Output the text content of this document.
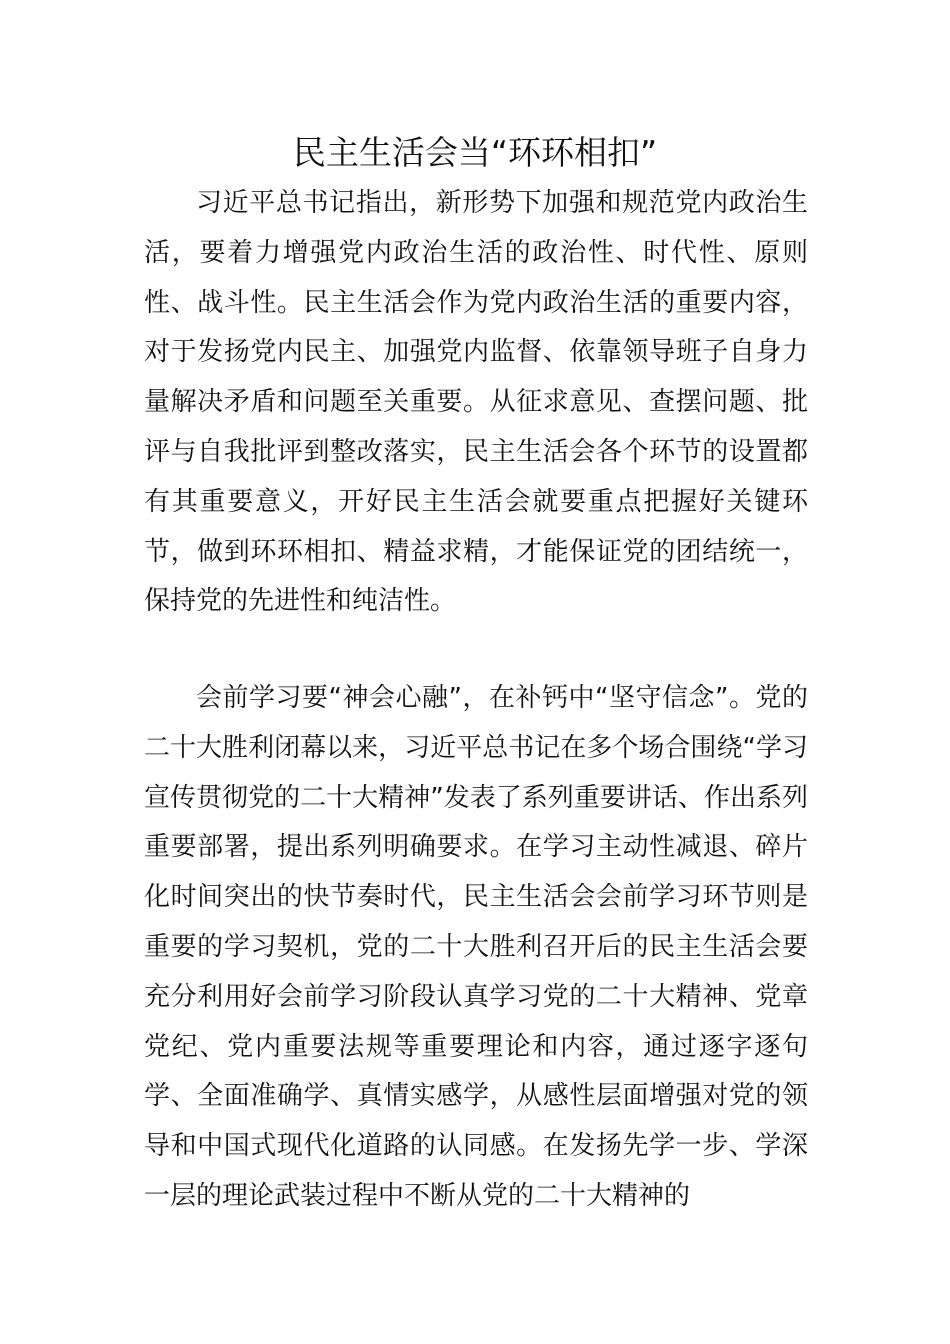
民主生活会当“环环相扣”

习近平总书记指出，新形势下加强和规范党内政治生活，要着力增强党内政治生活的政治性、时代性、原则性、战斗性。民主生活会作为党内政治生活的重要内容，对于发扬党内民主、加强党内监督、依靠领导班子自身力量解决矛盾和问题至关重要。从征求意见、查摆问题、批评与自我批评到整改落实，民主生活会各个环节的设置都有其重要意义，开好民主生活会就要重点把握好关键环节，做到环环相扣、精益求精，才能保证党的团结统一，保持党的先进性和纯洁性。

会前学习要“神会心融”，在补钙中“坚守信念”。党的二十大胜利闭幕以来，习近平总书记在多个场合围绕“学习宣传贯彻党的二十大精神”发表了系列重要讲话、作出系列重要部署，提出系列明确要求。在学习主动性减退、碎片化时间突出的快节奏时代，民主生活会会前学习环节则是重要的学习契机，党的二十大胜利召开后的民主生活会要充分利用好会前学习阶段认真学习党的二十大精神、党章党纪、党内重要法规等重要理论和内容，通过逐字逐句学、全面准确学、真情实感学，从感性层面增强对党的领导和中国式现代化道路的认同感。在发扬先学一步、学深一层的理论武装过程中不断从党的二十大精神的
